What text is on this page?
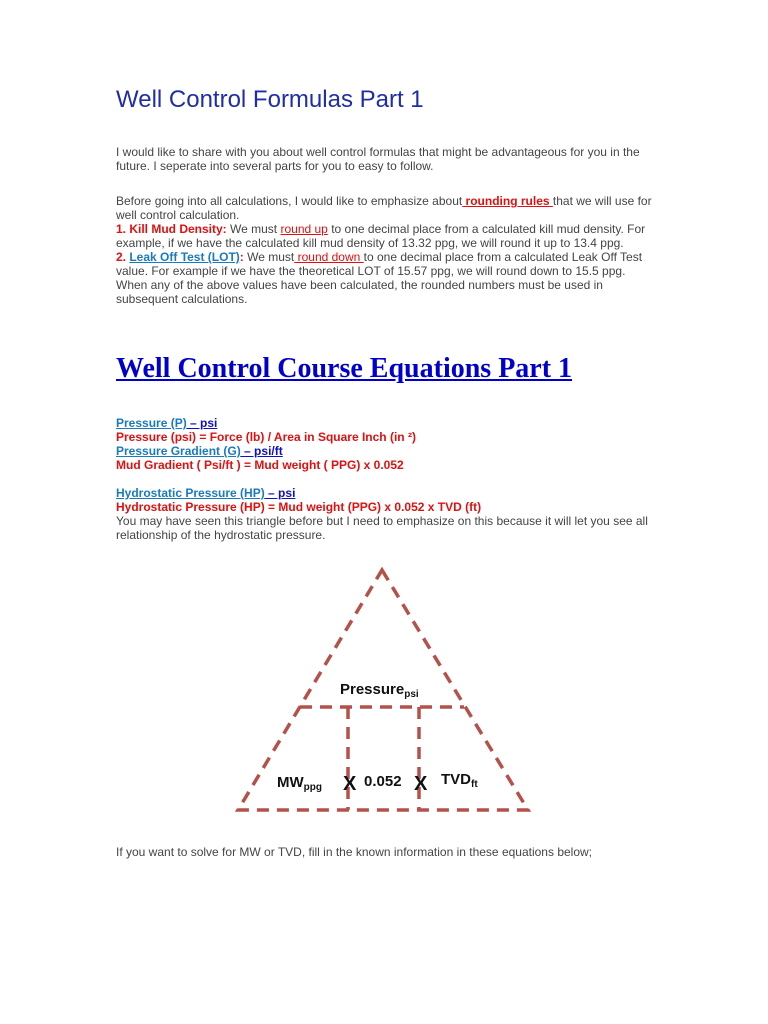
Well Control Formulas Part 1
I would like to share with you about well control formulas that might be advantageous for you in the future. I seperate into several parts for you to easy to follow.
Before going into all calculations, I would like to emphasize about rounding rules that we will use for well control calculation.
1. Kill Mud Density: We must round up to one decimal place from a calculated kill mud density. For example, if we have the calculated kill mud density of 13.32 ppg, we will round it up to 13.4 ppg.
2. Leak Off Test (LOT): We must round down to one decimal place from a calculated Leak Off Test value. For example if we have the theoretical LOT of 15.57 ppg, we will round down to 15.5 ppg.
When any of the above values have been calculated, the rounded numbers must be used in subsequent calculations.
Well Control Course Equations Part 1
Pressure (P) – psi
Pressure (psi) = Force (lb) / Area in Square Inch (in ²)
Pressure Gradient (G) – psi/ft
Mud Gradient ( Psi/ft ) = Mud weight ( PPG) x 0.052
Hydrostatic Pressure (HP) – psi
Hydrostatic Pressure (HP) = Mud weight (PPG) x 0.052 x TVD (ft)
You may have seen this triangle before but I need to emphasize on this because it will let you see all relationship of the hydrostatic pressure.
Pressure$_{psi}$
$MW_{ppg}$ X 0.052 X $TVD_{ft}$
If you want to solve for MW or TVD, fill in the known information in these equations below;
